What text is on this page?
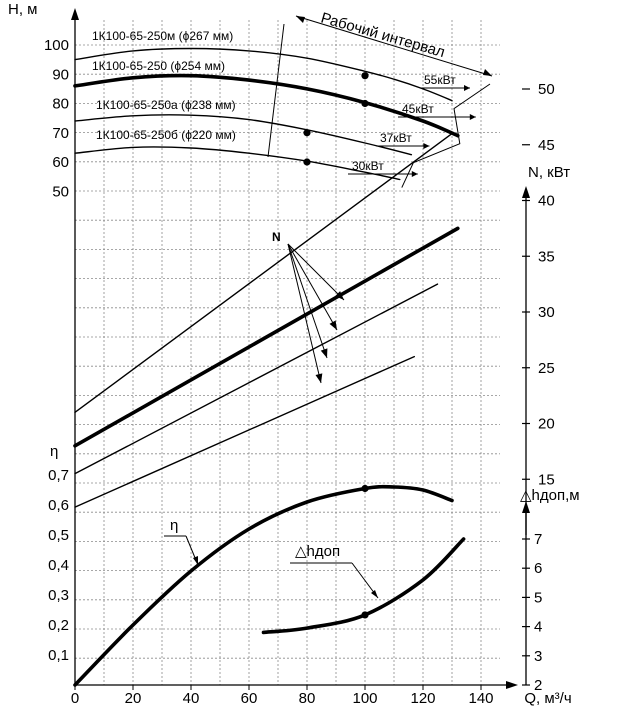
0	20	40	60	80 100 120 140 Q, м³/ч
50
60
70
80
90
100
H, м
0,1
0,2
0,3
0,4
0,5
0,6
0,7
η
15
20
25
30
35
40
45
50
N, кВт
2
3
4
5
6
7
△hдоп,м
1К100-65-250м (ϕ267 мм)
55кВт
1К100-65-250 (ϕ254 мм)
45кВт
1К100-65-250а (ϕ238 мм)
37кВт
1К100-65-250б (ϕ220 мм)
30кВт
Рабочий интервал
N
η
△hдоп
